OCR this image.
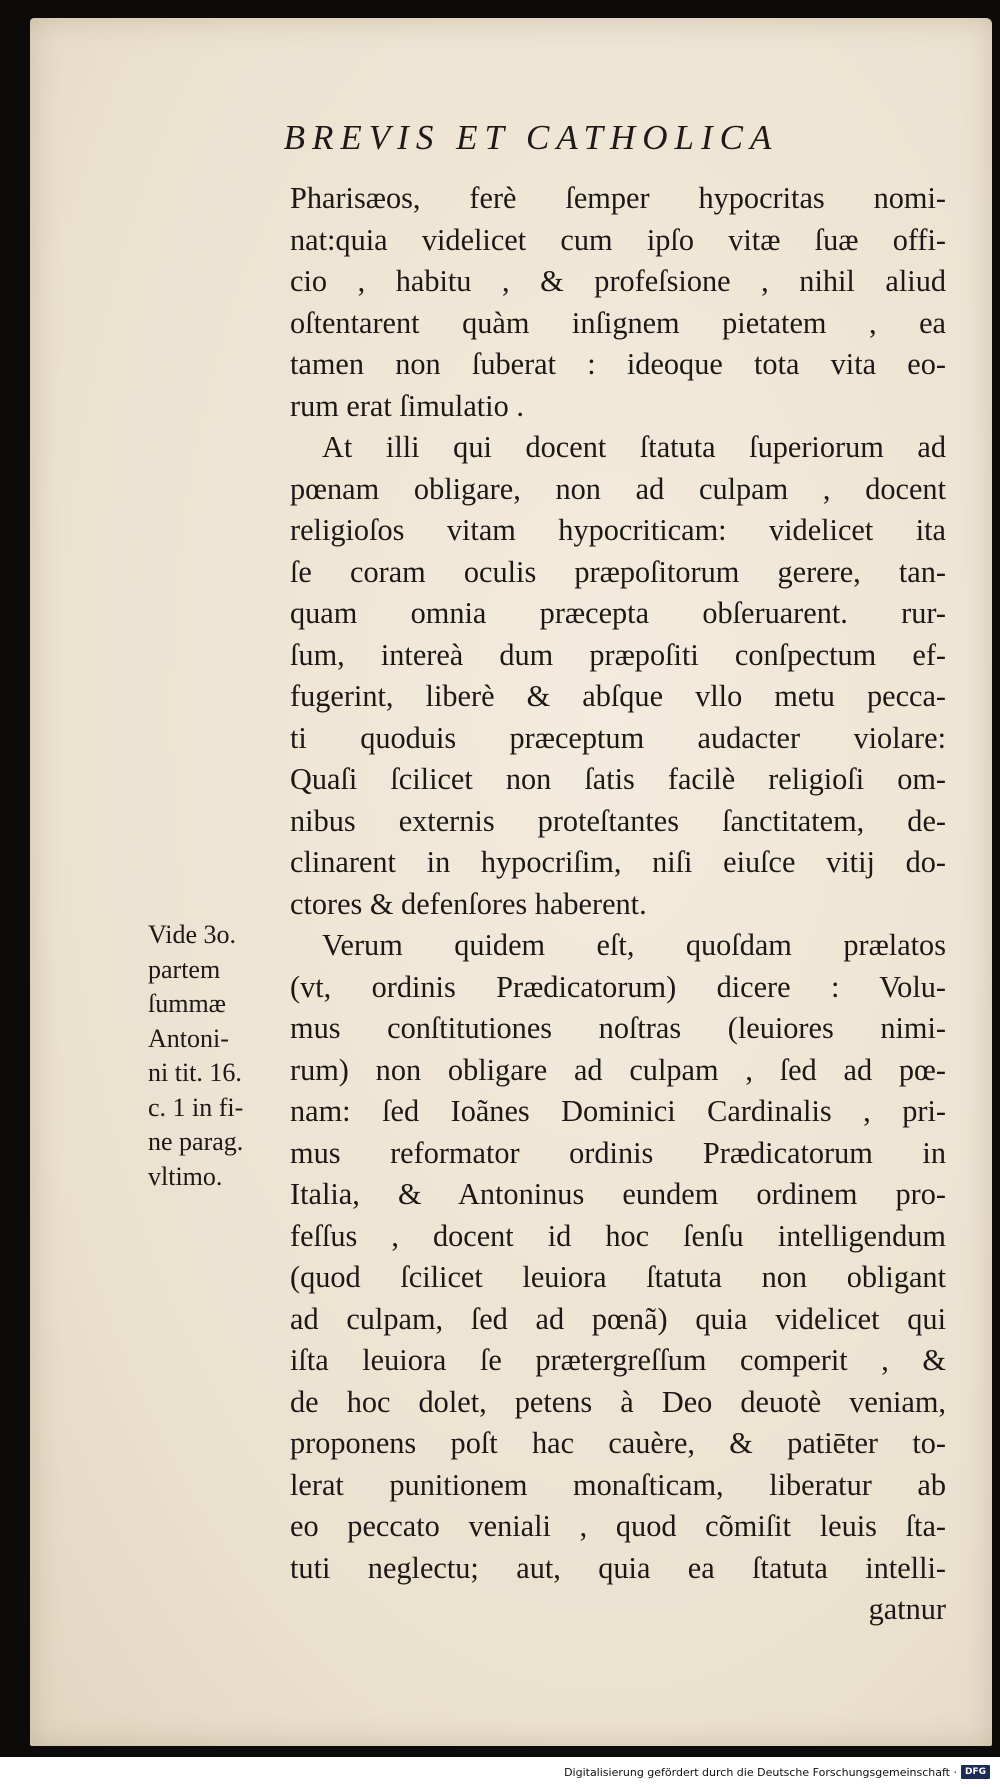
BREVIS ET CATHOLICA
Pharisæos, ferè ſemper hypocritas nomi-
nat:quia videlicet cum ipſo vitæ ſuæ offi-
cio , habitu , & profeſsione , nihil aliud
oſtentarent quàm inſignem pietatem , ea
tamen non ſuberat : ideoque tota vita eo-
rum erat ſimulatio .
At illi qui docent ſtatuta ſuperiorum ad
pœnam obligare, non ad culpam , docent
religioſos vitam hypocriticam: videlicet ita
ſe coram oculis præpoſitorum gerere, tan-
quam omnia præcepta obſeruarent. rur-
ſum, intereà dum præpoſiti conſpectum ef-
fugerint, liberè & abſque vllo metu pecca-
ti quoduis præceptum audacter violare:
Quaſi ſcilicet non ſatis facilè religioſi om-
nibus externis proteſtantes ſanctitatem, de-
clinarent in hypocriſim, niſi eiuſce vitij do-
ctores & defenſores haberent.
Verum quidem eſt, quoſdam prælatos
(vt, ordinis Prædicatorum) dicere : Volu-
mus conſtitutiones noſtras (leuiores nimi-
rum) non obligare ad culpam , ſed ad pœ-
nam: ſed Ioãnes Dominici Cardinalis , pri-
mus reformator ordinis Prædicatorum in
Italia, & Antoninus eundem ordinem pro-
feſſus , docent id hoc ſenſu intelligendum
(quod ſcilicet leuiora ſtatuta non obligant
ad culpam, ſed ad pœnã) quia videlicet qui
iſta leuiora ſe prætergreſſum comperit , &
de hoc dolet, petens à Deo deuotè veniam,
proponens poſt hac cauère, & patiēter to-
lerat punitionem monaſticam, liberatur ab
eo peccato veniali , quod cõmiſit leuis ſta-
tuti neglectu; aut, quia ea ſtatuta intelli-
gatnur
Vide 3o.
partem
ſummæ
Antoni-
ni tit. 16.
c. 1 in fi-
ne parag.
vltimo.
Digitalisierung gefördert durch die Deutsche Forschungsgemeinschaft · DFG
